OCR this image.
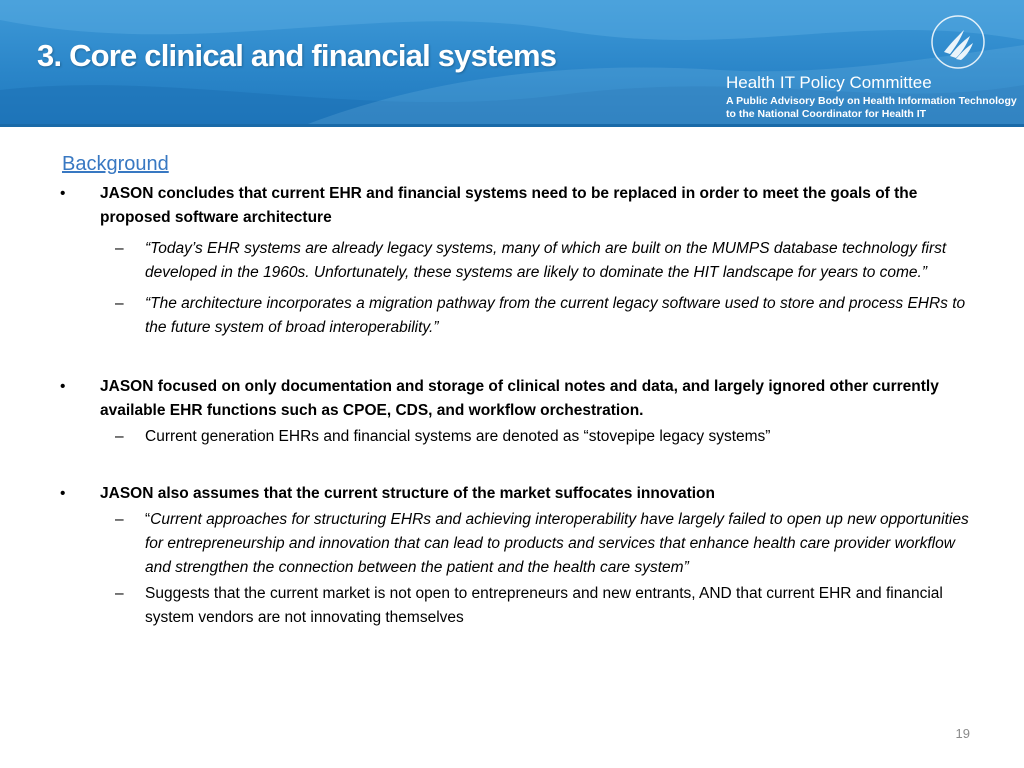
3. Core clinical and financial systems
Health IT Policy Committee
A Public Advisory Body on Health Information Technology
to the National Coordinator for Health IT
Background
• JASON concludes that current EHR and financial systems need to be replaced in order to meet the goals of the proposed software architecture
– “Today’s EHR systems are already legacy systems, many of which are built on the MUMPS database technology first developed in the 1960s. Unfortunately, these systems are likely to dominate the HIT landscape for years to come.”
– “The architecture incorporates a migration pathway from the current legacy software used to store and process EHRs to the future system of broad interoperability.”
• JASON focused on only documentation and storage of clinical notes and data, and largely ignored other currently available EHR functions such as CPOE, CDS, and workflow orchestration.
– Current generation EHRs and financial systems are denoted as “stovepipe legacy systems”
• JASON also assumes that the current structure of the market suffocates innovation
– “Current approaches for structuring EHRs and achieving interoperability have largely failed to open up new opportunities for entrepreneurship and innovation that can lead to products and services that enhance health care provider workflow and strengthen the connection between the patient and the health care system”
– Suggests that the current market is not open to entrepreneurs and new entrants, AND that current EHR and financial system vendors are not innovating themselves
19
